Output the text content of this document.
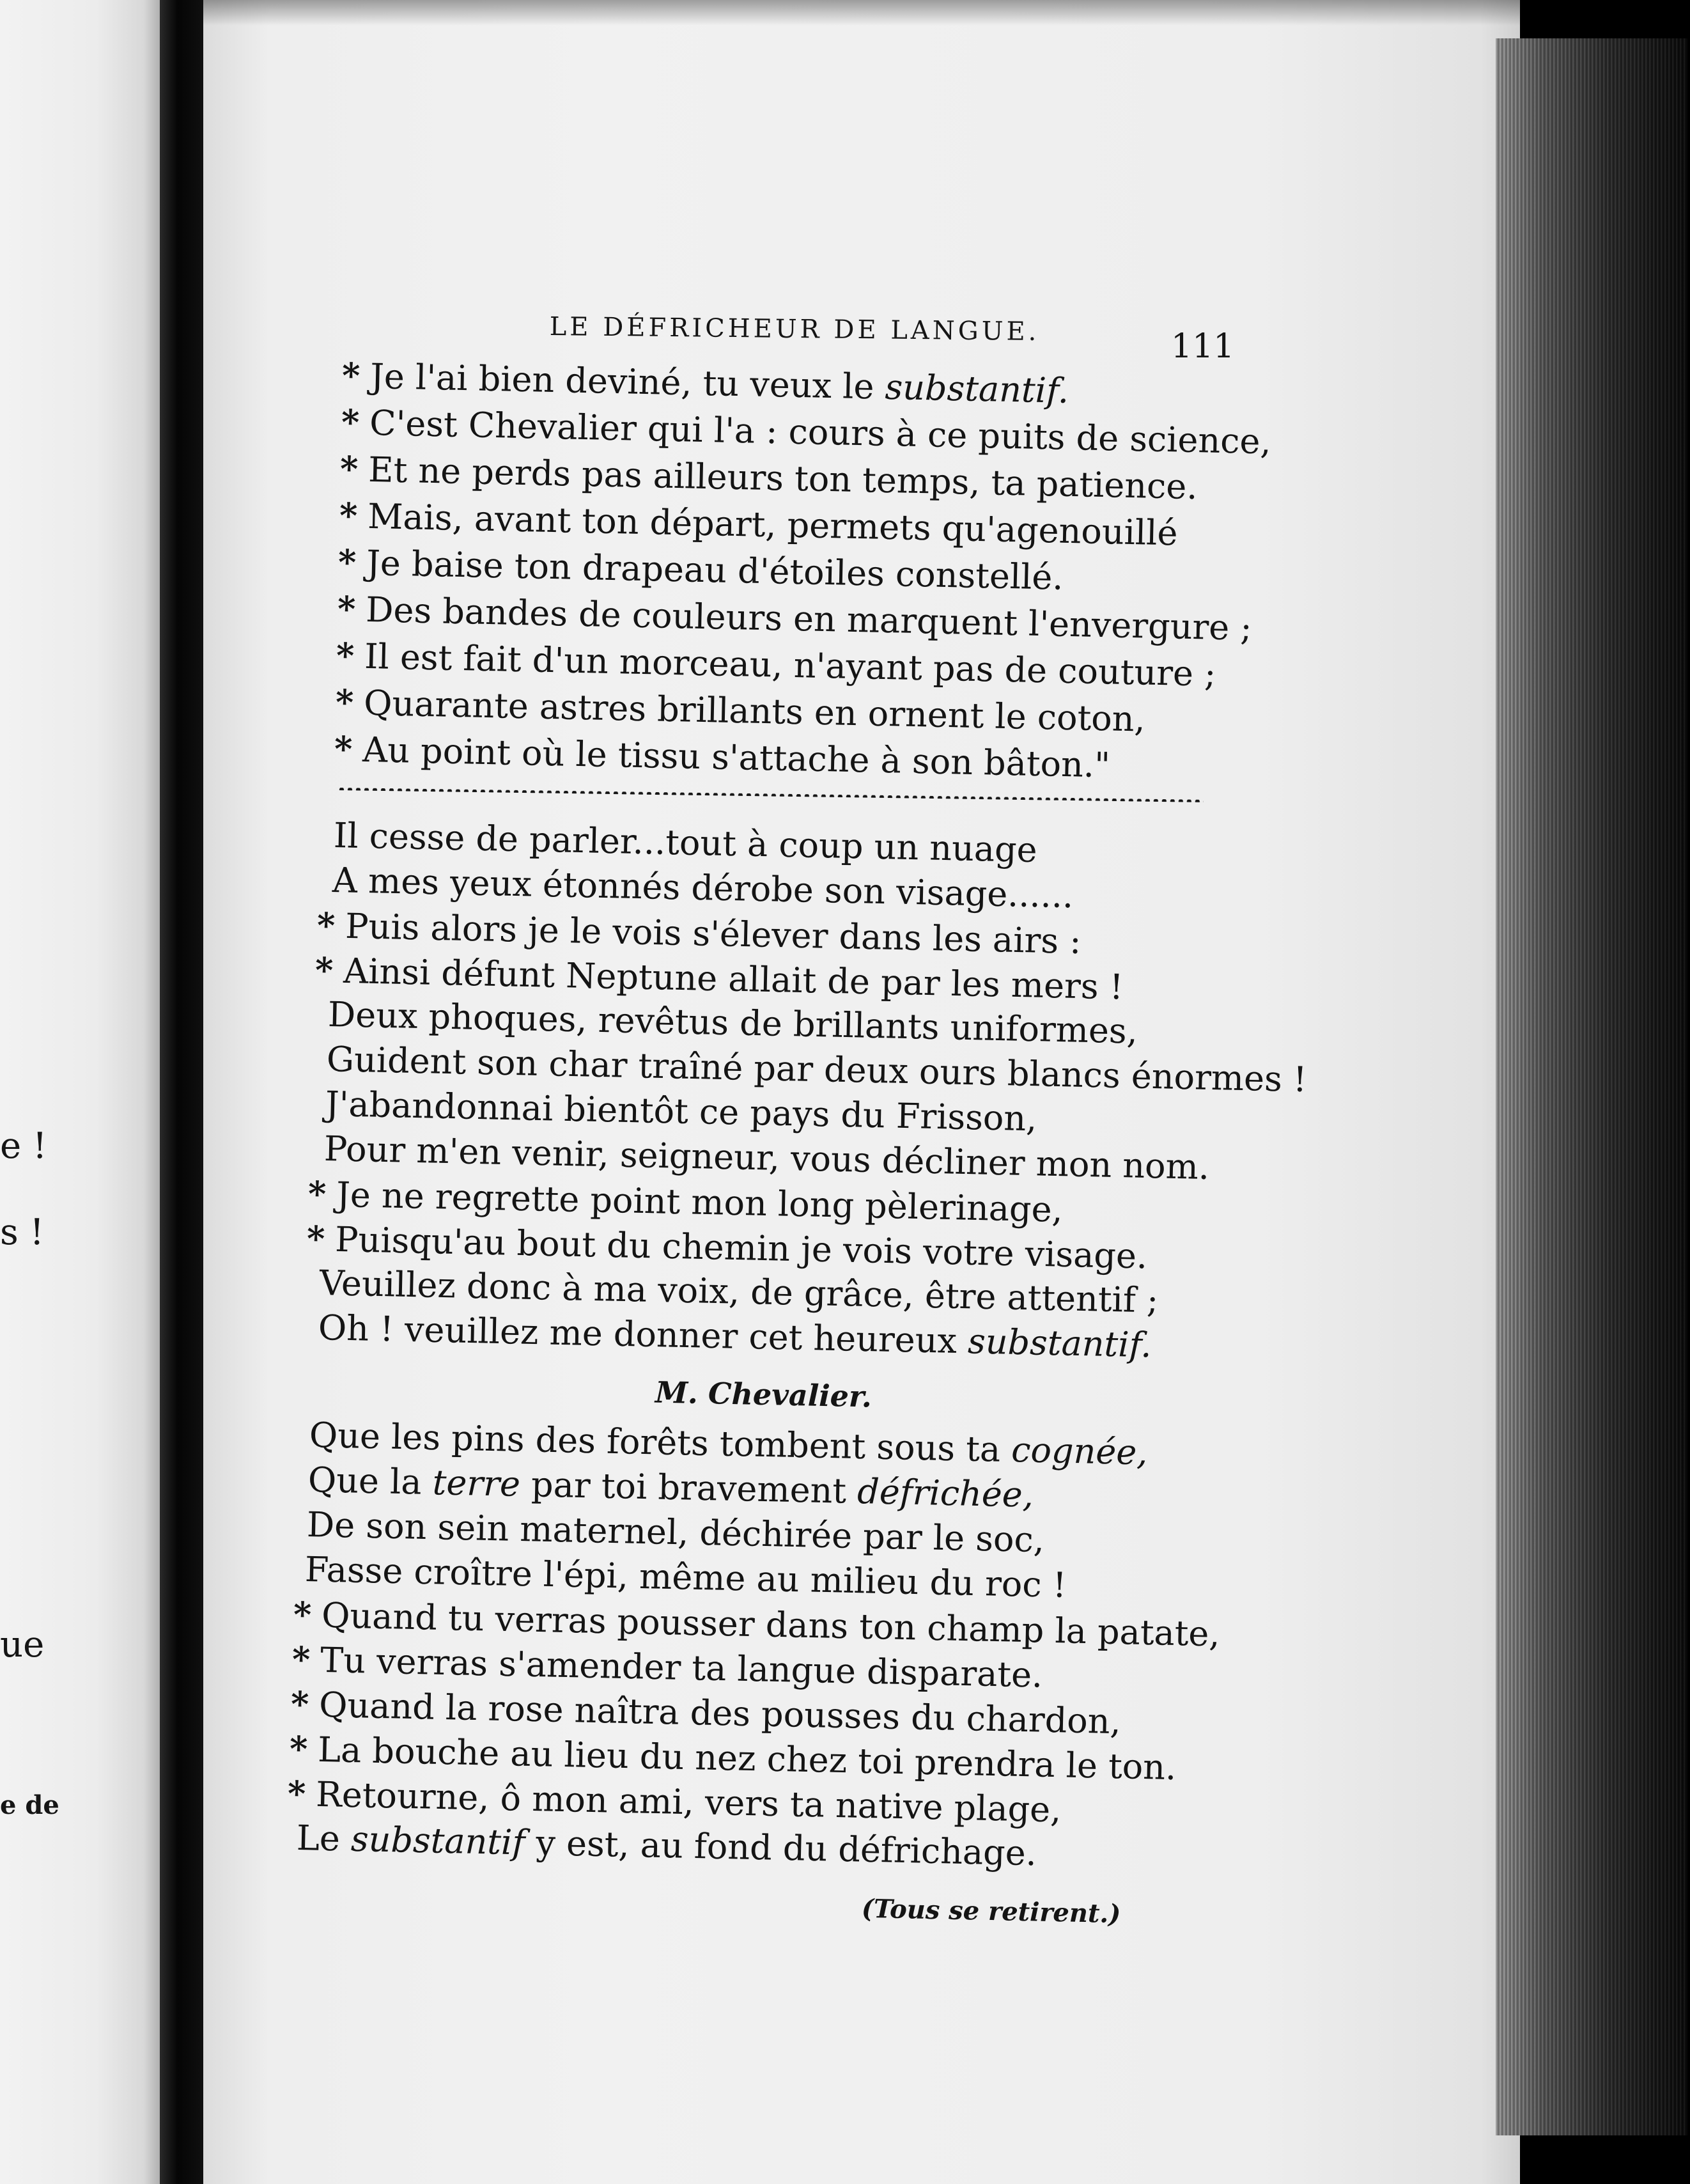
e !
s !
ue
e de
LE DÉFRICHEUR DE LANGUE.	111
* Je l'ai bien deviné, tu veux le substantif.
* C'est Chevalier qui l'a : cours à ce puits de science,
* Et ne perds pas ailleurs ton temps, ta patience.
* Mais, avant ton départ, permets qu'agenouillé
* Je baise ton drapeau d'étoiles constellé.
* Des bandes de couleurs en marquent l'envergure ;
* Il est fait d'un morceau, n'ayant pas de couture ;
* Quarante astres brillants en ornent le coton,
* Au point où le tissu s'attache à son bâton."
Il cesse de parler...tout à coup un nuage
A mes yeux étonnés dérobe son visage......
* Puis alors je le vois s'élever dans les airs :
* Ainsi défunt Neptune allait de par les mers !
Deux phoques, revêtus de brillants uniformes,
Guident son char traîné par deux ours blancs énormes !
J'abandonnai bientôt ce pays du Frisson,
Pour m'en venir, seigneur, vous décliner mon nom.
* Je ne regrette point mon long pèlerinage,
* Puisqu'au bout du chemin je vois votre visage.
Veuillez donc à ma voix, de grâce, être attentif ;
Oh ! veuillez me donner cet heureux substantif.
M. Chevalier.
Que les pins des forêts tombent sous ta cognée,
Que la terre par toi bravement défrichée,
De son sein maternel, déchirée par le soc,
Fasse croître l'épi, même au milieu du roc !
* Quand tu verras pousser dans ton champ la patate,
* Tu verras s'amender ta langue disparate.
* Quand la rose naîtra des pousses du chardon,
* La bouche au lieu du nez chez toi prendra le ton.
* Retourne, ô mon ami, vers ta native plage,
Le substantif y est, au fond du défrichage.
(Tous se retirent.)
